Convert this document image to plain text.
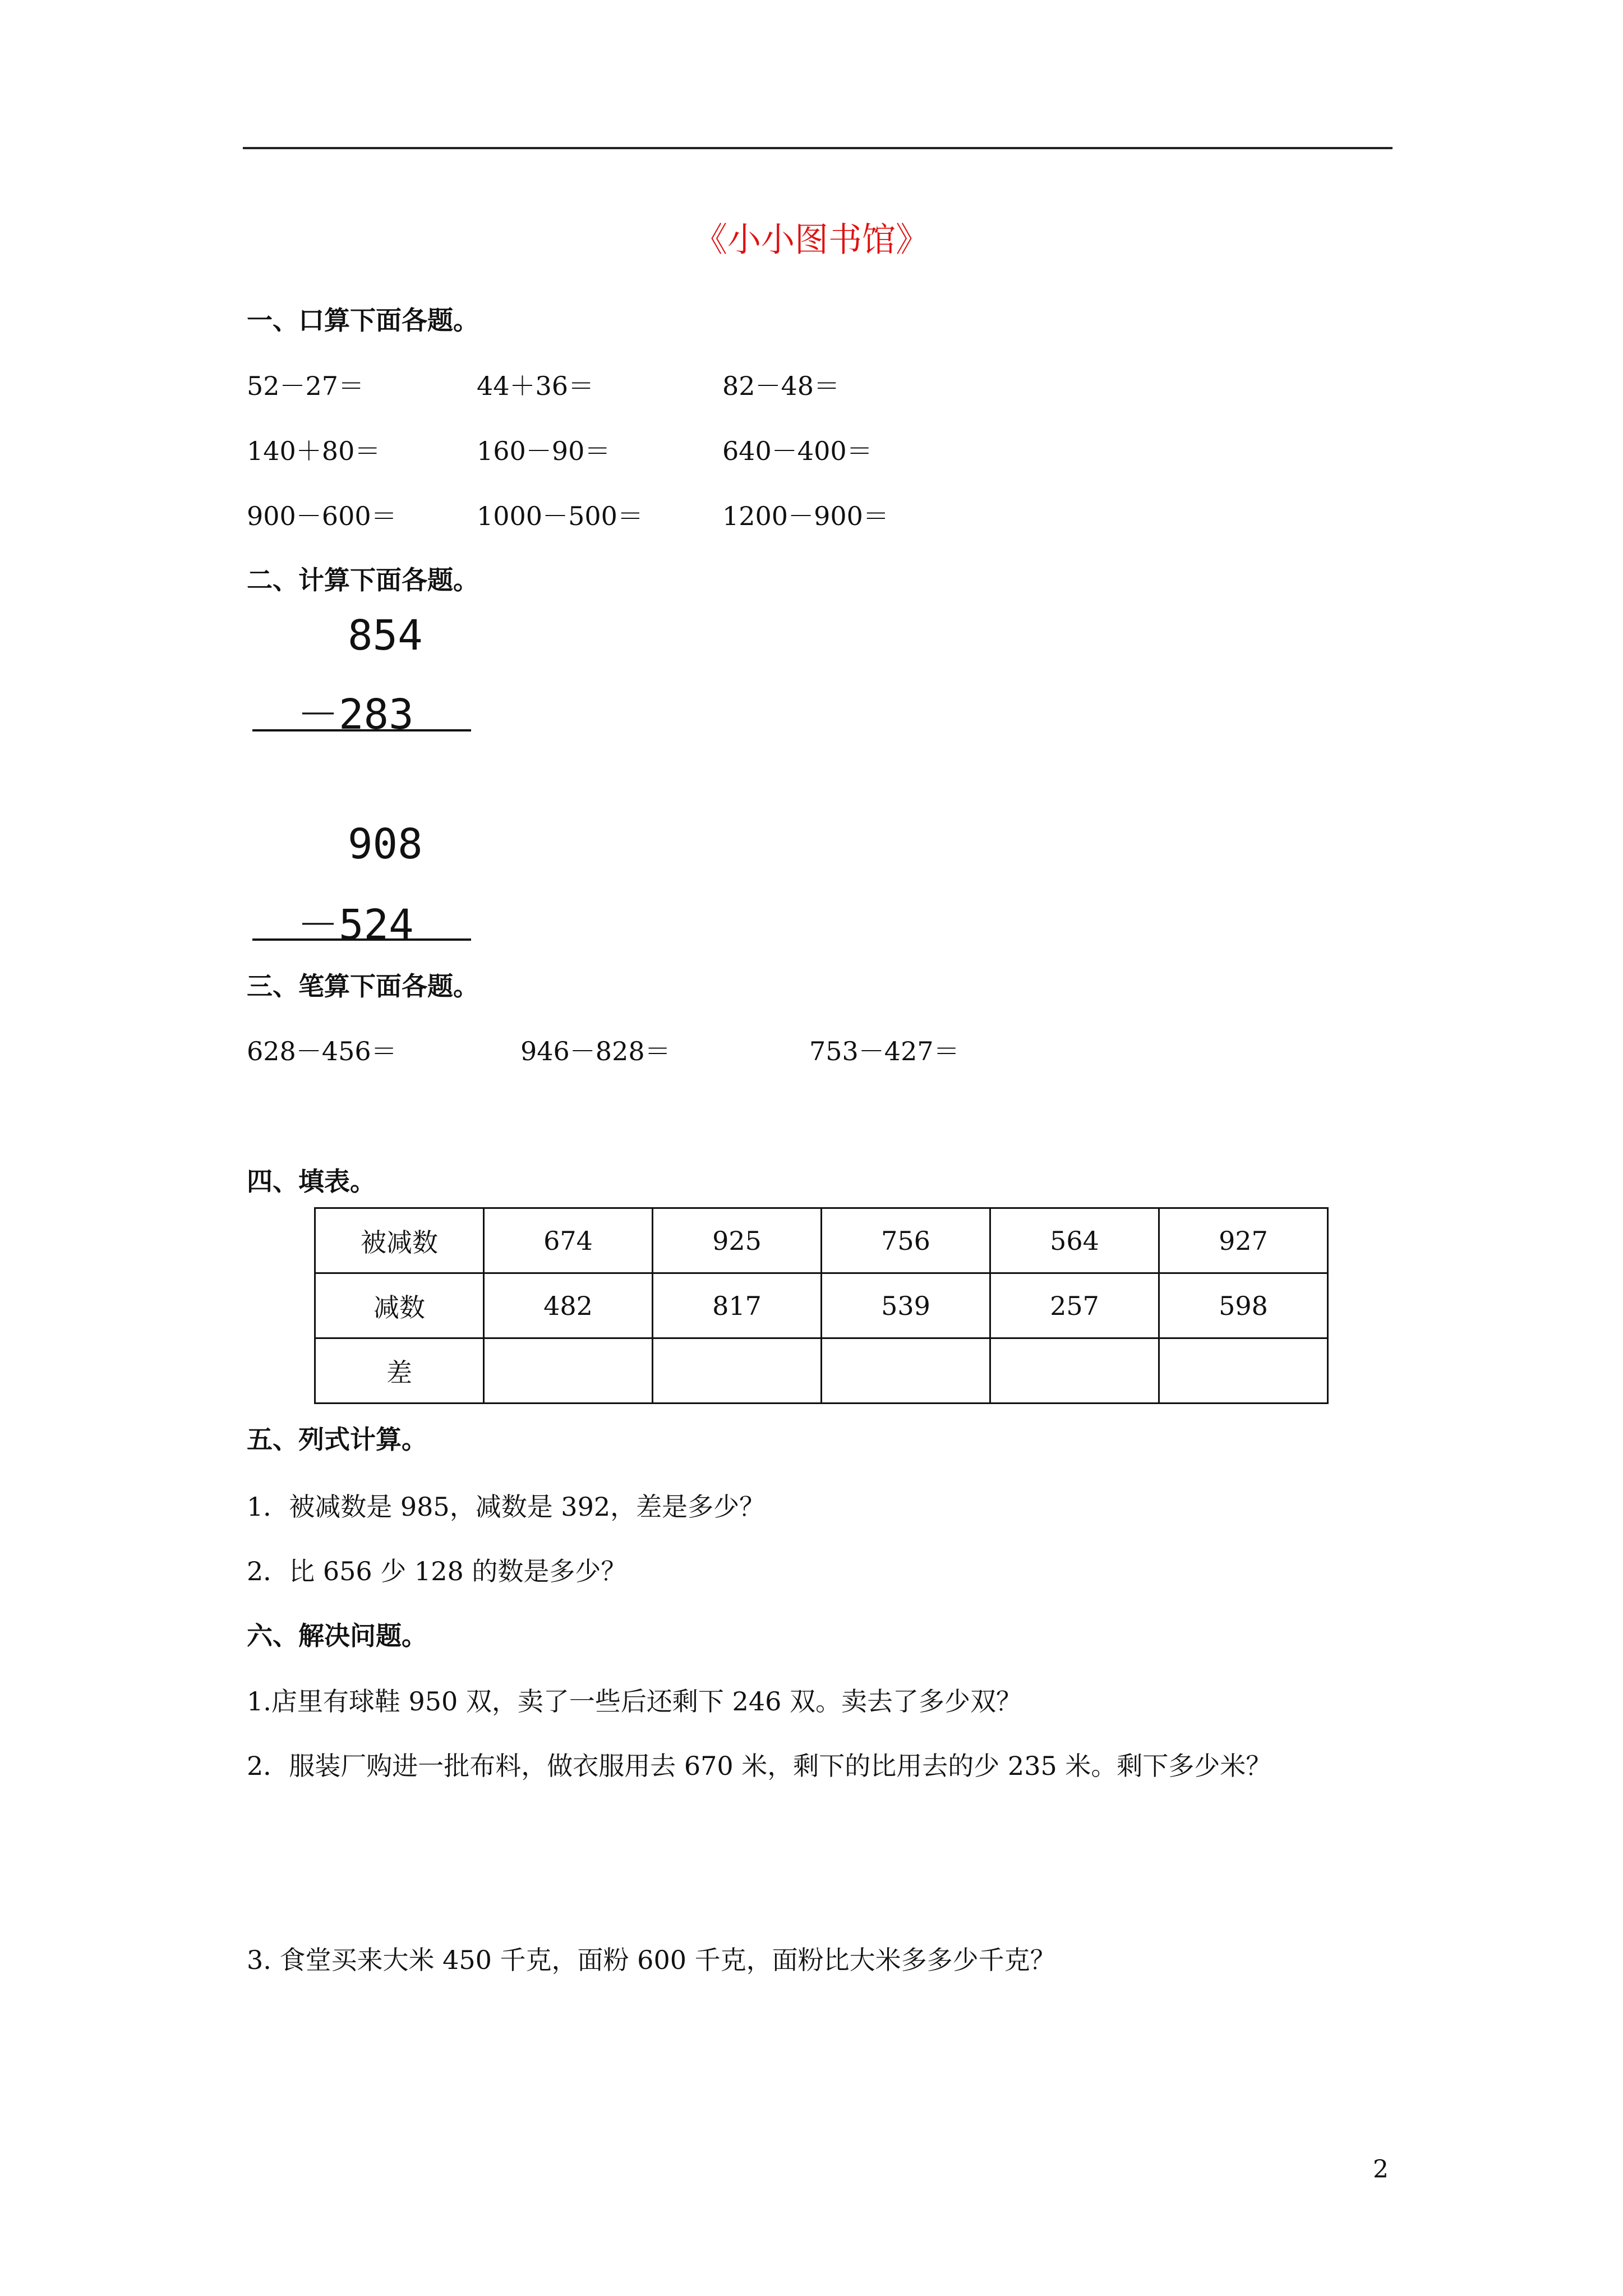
《小小图书馆》
一、口算下面各题。
52－27＝	44＋36＝	82－48＝
140＋80＝	160－90＝	640－400＝
900－600＝	1000－500＝	1200－900＝
二、计算下面各题。
854
－283
908
－524
三、笔算下面各题。
628－456＝	946－828＝	753－427＝
四、填表。
被减数	674	925	756	564	927
减数	482	817	539	257	598
差					
五、列式计算。
1．被减数是 985，减数是 392，差是多少？
2．比 656 少 128 的数是多少？
六、解决问题。
1.店里有球鞋 950 双，卖了一些后还剩下 246 双。卖去了多少双？
2．服装厂购进一批布料，做衣服用去 670 米，剩下的比用去的少 235 米。剩下多少米？
3. 食堂买来大米 450 千克，面粉 600 千克，面粉比大米多多少千克？
2
